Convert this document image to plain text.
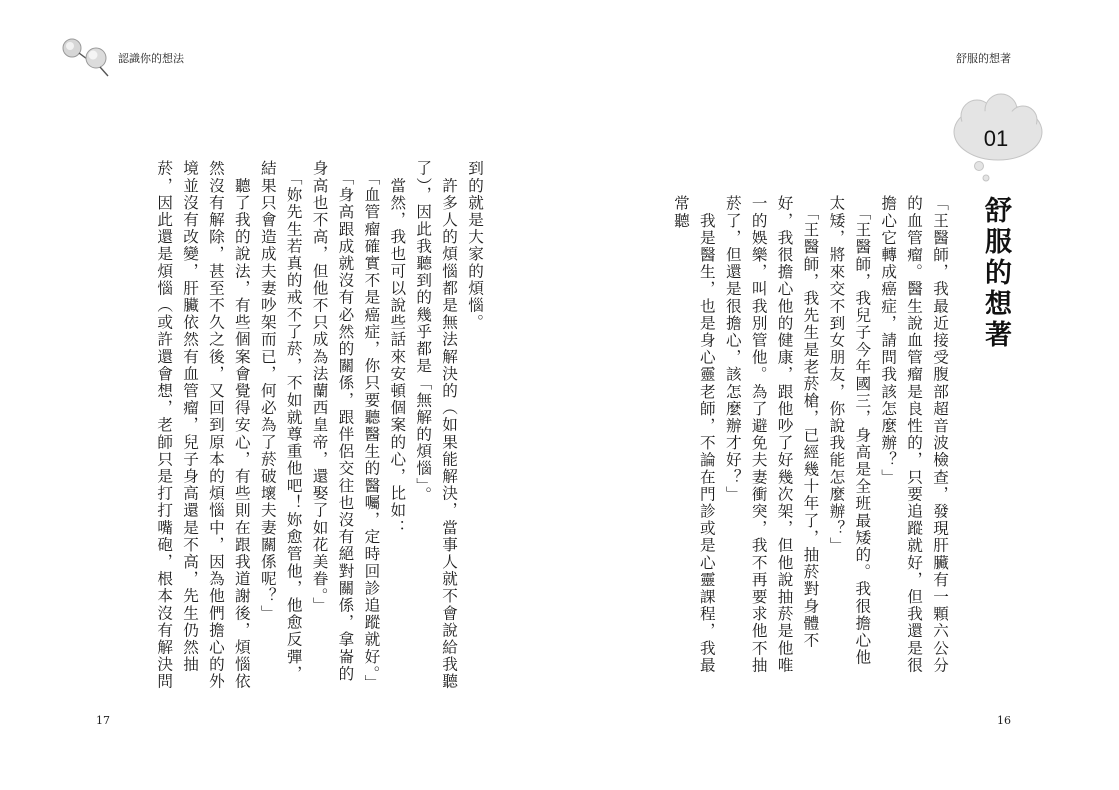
認識你的想法

到的就是大家的煩惱。

　許多人的煩惱都是無法解決的（如果能解決，當事人就不會說給我聽了），因此我聽到的幾乎都是「無解的煩惱」。

　當然，我也可以說些話來安頓個案的心，比如：

　「血管瘤確實不是癌症，你只要聽醫生的醫囑，定時回診追蹤就好。」

　「身高跟成就沒有必然的關係，跟伴侶交往也沒有絕對關係，拿崙的身高也不高，但他不只成為法蘭西皇帝，還娶了如花美眷。」

　「妳先生若真的戒不了菸，不如就尊重他吧！妳愈管他，他愈反彈，結果只會造成夫妻吵架而已，何必為了菸破壞夫妻關係呢？」

　聽了我的說法，有些個案會覺得安心，有些則在跟我道謝後，煩惱依然沒有解除，甚至不久之後，又回到原本的煩惱中，因為他們擔心的外境並沒有改變，肝臟依然有血管瘤，兒子身高還是不高，先生仍然抽菸，因此還是煩惱（或許還會想，老師只是打打嘴砲，根本沒有解決問

17
舒服的想著
01
舒服的想著

「王醫師，我最近接受腹部超音波檢查，發現肝臟有一顆六公分的血管瘤。醫生說血管瘤是良性的，只要追蹤就好，但我還是很擔心它轉成癌症，請問我該怎麼辦？」

　「王醫師，我兒子今年國三，身高是全班最矮的。我很擔心他太矮，將來交不到女朋友，你說我能怎麼辦？」

　「王醫師，我先生是老菸槍，已經幾十年了，抽菸對身體不好，我很擔心他的健康，跟他吵了好幾次架，但他說抽菸是他唯一的娛樂，叫我別管他。為了避免夫妻衝突，我不再要求他不抽菸了，但還是很擔心，該怎麼辦才好？」

　我是醫生，也是身心靈老師，不論在門診或是心靈課程，我最常聽

16
